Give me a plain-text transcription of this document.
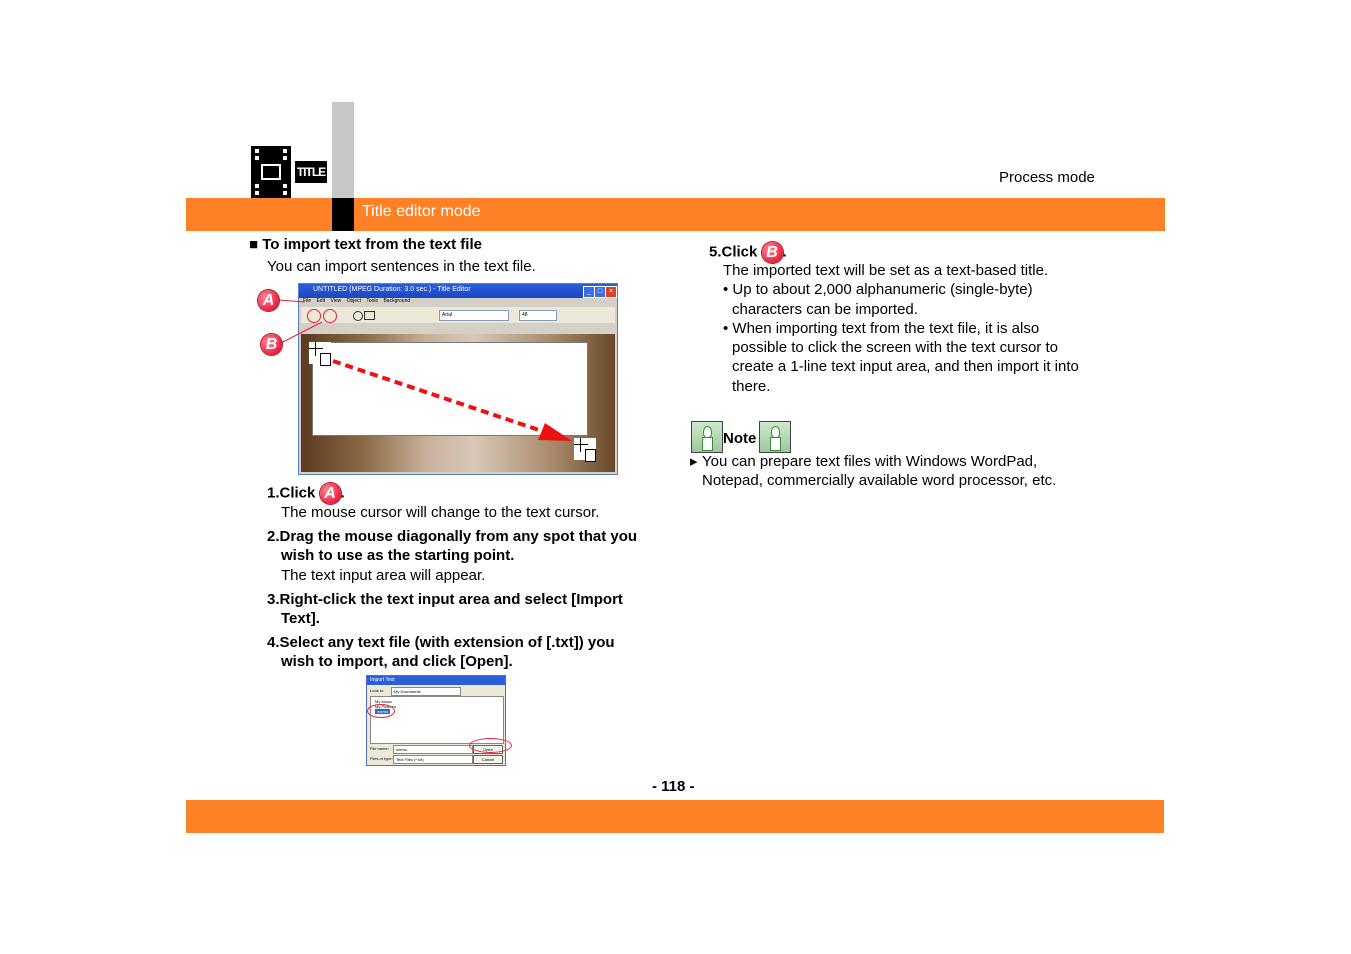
Title editor mode
Process mode
TITLE
■ To import text from the text file
You can import sentences in the text file.
UNTITLED (MPEG Duration: 3.0 sec.) - Title Editor	_ □ ×
File Edit View Object Tools Background
Arial	48
A
B
1.Click A .
The mouse cursor will change to the text cursor.
2.Drag the mouse diagonally from any spot that you
wish to use as the starting point.
The text input area will appear.
3.Right-click the text input area and select [Import
Text].
4.Select any text file (with extension of [.txt]) you
wish to import, and click [Open].
Import Text
Look in:	My Documents
My Music
My Pictures
memo
File name:	memo
Files of type: Text Files (*.txt)
Open
Cancel
5.Click B .
The imported text will be set as a text-based title.
• Up to about 2,000 alphanumeric (single-byte)
characters can be imported.
• When importing text from the text file, it is also
possible to click the screen with the text cursor to
create a 1-line text input area, and then import it into
there.
Note
▸ You can prepare text files with Windows WordPad,
Notepad, commercially available word processor, etc.
- 118 -
